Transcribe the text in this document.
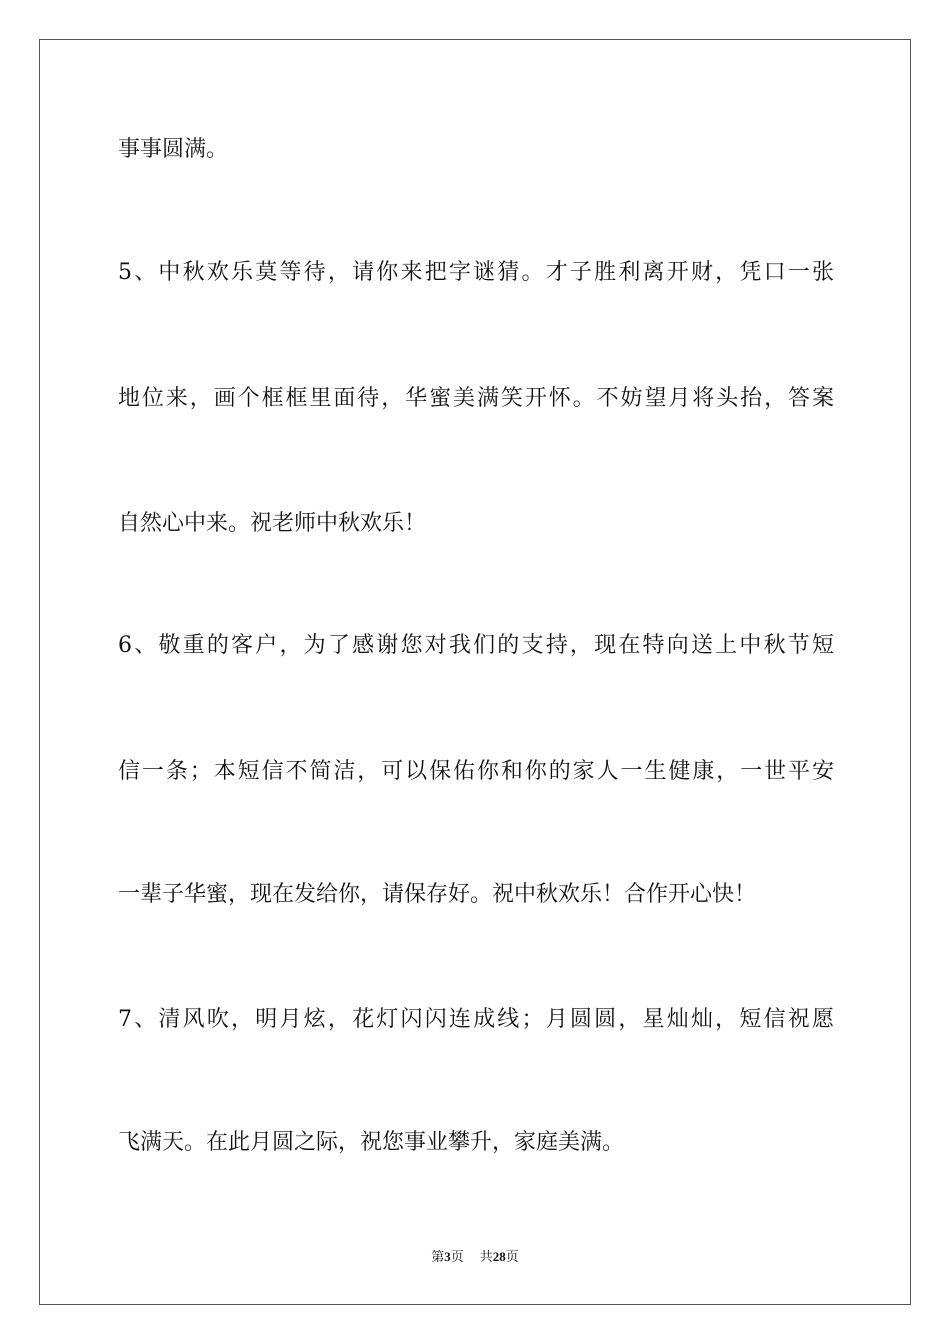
事事圆满。
5、中秋欢乐莫等待，请你来把字谜猜。才子胜利离开财，凭口一张
地位来，画个框框里面待，华蜜美满笑开怀。不妨望月将头抬，答案
自然心中来。祝老师中秋欢乐！
6、敬重的客户，为了感谢您对我们的支持，现在特向送上中秋节短
信一条；本短信不简洁，可以保佑你和你的家人一生健康，一世平安
一辈子华蜜，现在发给你，请保存好。祝中秋欢乐！合作开心快！
7、清风吹，明月炫，花灯闪闪连成线；月圆圆，星灿灿，短信祝愿
飞满天。在此月圆之际，祝您事业攀升，家庭美满。
第3页 共28页
